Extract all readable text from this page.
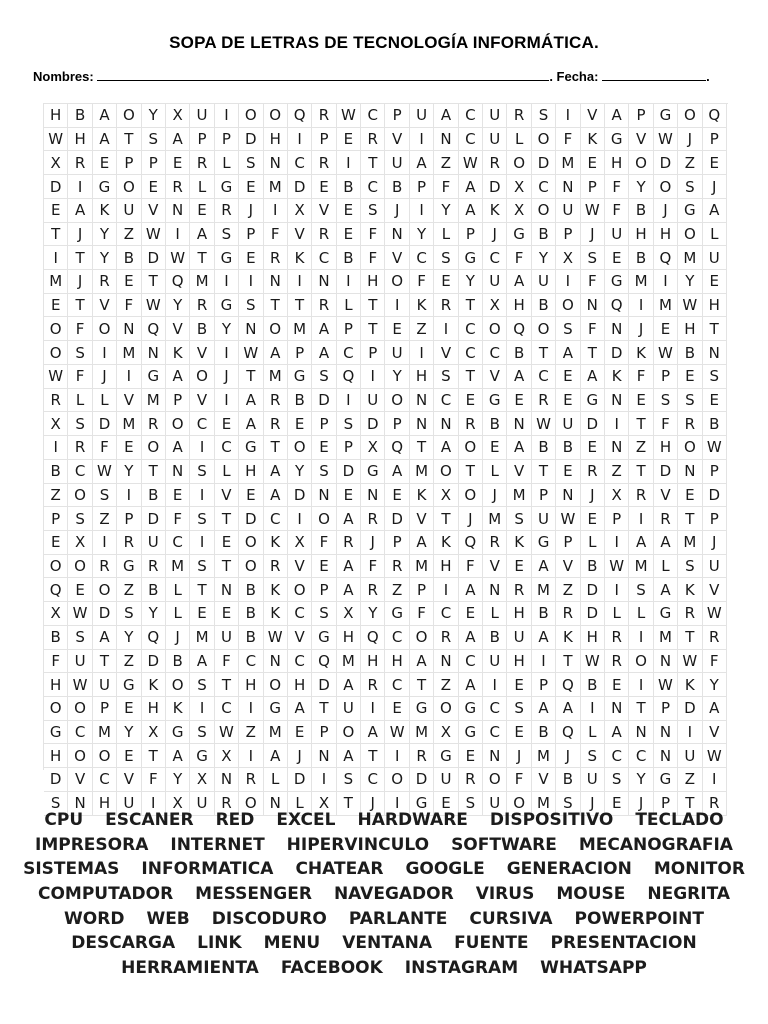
SOPA DE LETRAS DE TECNOLOGÍA INFORMÁTICA.
Nombres:	. Fecha:	.
H B A O Y X U	I	O O Q R W C P U A C U R S	I	V A P G O Q
W H A T	S A P	P D H	I	P	E R V	I	N C U L O F	K G V W J	P
X R E	P	P	E R	L	S N C R	I	T U A Z W R O D M E H O D Z E
D	I	G O E R	L G E M D E B C B P	F A D X C N P	F	Y O S	J
E A K U V N E R	J	I	X V E S	J	I	Y A K X O U W F B	J	G A
T	J	Y Z W I	A S	P	F V R E	F N Y	L	P	J	G B P	J	U H H O L
I	T	Y B D W T G E R K C B F V C S G C F	Y X S E B Q M U
M	J	R E	T Q M	I	I	N	I	N	I	H O F	E	Y U A U	I	F G M	I	Y	E
E	T V F W Y R G S	T	T R	L	T	I	K R T X H B O N Q	I	M W H
O F O N Q V B Y N O M A P	T	E Z	I	C O Q O S	F N	J	E H T
O S	I	M N K V	I W A P A C P U	I	V C C B T A T D K W B N
W F	J	I	G A O	J	T M G S Q	I	Y H S	T V A C E A K	F	P	E S
R	L	L	V M P V	I	A R B D	I	U O N C E G E R E G N E S S E
X S D M R O C E A R E	P	S D P N N R B N W U D	I	T	F R B
I	R F	E O A	I	C G T O E	P X Q T A O E A B B E N Z H O W
B C W Y	T N S	L H A Y	S D G A M O T	L	V T	E R Z T D N P
Z O S	I	B E	I	V E A D N E N E K X O	J	M P N	J	X R V E D
P	S Z P D F	S	T D C	I	O A R D V T	J	M S U W E	P	I	R T	P
E X	I	R U C	I	E O K X F R	J	P A K Q R K G P	L	I	A A M	J
O O R G R M S	T O R V E A F R M H F V E A V B W M L	S U
Q E O Z B	L	T N B K O P A R Z P	I	A N R M Z D	I	S A K V
X W D S	Y	L	E E B K C S X Y G F C E	L H B R D L	L G R W
B S A Y Q	J	M U B W V G H Q C O R A B U A K H R	I	M T R
F U T Z D B A F C N C Q M H H A N C U H	I	T W R O N W F
H W U G K O S	T H O H D A R C T Z A	I	E	P Q B E	I W K Y
O O P	E H K	I	C	I	G A T U	I	E G O G C S A A	I	N T	P D A
G C M Y X G S W Z M E	P O A W M X G C E B Q L	A N N	I	V
H O O E	T A G X	I	A	J	N A T	I	R G E N	J	M	J	S C C N U W
D V C V F	Y X N R	L D	I	S C O D U R O F V B U S	Y G Z	I
S N H U	I	X U R O N L	X T	J	I	G E S U O M S	J	E	J	P	T R
CPU ESCANER RED EXCEL HARDWARE DISPOSITIVO TECLADO
IMPRESORA INTERNET HIPERVINCULO SOFTWARE MECANOGRAFIA
SISTEMAS INFORMATICA CHATEAR GOOGLE GENERACION MONITOR
COMPUTADOR MESSENGER NAVEGADOR VIRUS MOUSE NEGRITA
WORD WEB DISCODURO PARLANTE CURSIVA POWERPOINT
DESCARGA LINK MENU VENTANA FUENTE PRESENTACION
HERRAMIENTA FACEBOOK INSTAGRAM WHATSAPP
